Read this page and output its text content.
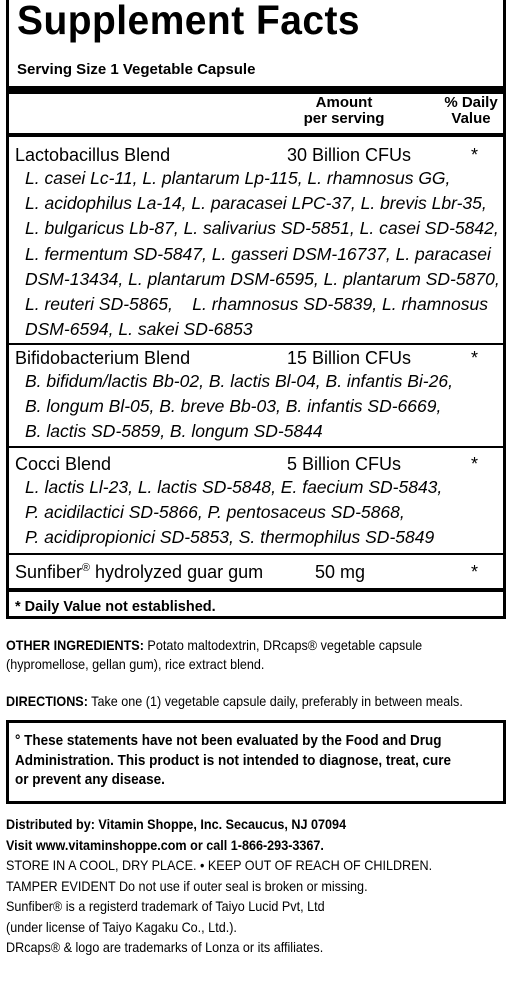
Supplement Facts
Serving Size 1 Vegetable Capsule
Amount
per serving
% Daily
Value
Lactobacillus Blend	30 Billion CFUs	*
L. casei Lc-11, L. plantarum Lp-115, L. rhamnosus GG,
L. acidophilus La-14, L. paracasei LPC-37, L. brevis Lbr-35,
L. bulgaricus Lb-87, L. salivarius SD-5851, L. casei SD-5842,
L. fermentum SD-5847, L. gasseri DSM-16737, L. paracasei
DSM-13434, L. plantarum DSM-6595, L. plantarum SD-5870,
L. reuteri SD-5865,    L. rhamnosus SD-5839, L. rhamnosus
DSM-6594, L. sakei SD-6853
Bifidobacterium Blend	15 Billion CFUs	*
B. bifidum/lactis Bb-02, B. lactis Bl-04, B. infantis Bi-26,
B. longum Bl-05, B. breve Bb-03, B. infantis SD-6669,
B. lactis SD-5859, B. longum SD-5844
Cocci Blend	5 Billion CFUs	*
L. lactis Ll-23, L. lactis SD-5848, E. faecium SD-5843,
P. acidilactici SD-5866, P. pentosaceus SD-5868,
P. acidipropionici SD-5853, S. thermophilus SD-5849
Sunfiber® hydrolyzed guar gum	50 mg	*
* Daily Value not established.
OTHER INGREDIENTS: Potato maltodextrin, DRcaps® vegetable capsule
(hypromellose, gellan gum), rice extract blend.
DIRECTIONS: Take one (1) vegetable capsule daily, preferably in between meals.
° These statements have not been evaluated by the Food and Drug
Administration. This product is not intended to diagnose, treat, cure
or prevent any disease.
Distributed by: Vitamin Shoppe, Inc. Secaucus, NJ 07094
Visit www.vitaminshoppe.com or call 1-866-293-3367.
STORE IN A COOL, DRY PLACE. • KEEP OUT OF REACH OF CHILDREN.
TAMPER EVIDENT Do not use if outer seal is broken or missing.
Sunfiber® is a registerd trademark of Taiyo Lucid Pvt, Ltd
(under license of Taiyo Kagaku Co., Ltd.).
DRcaps® & logo are trademarks of Lonza or its affiliates.
